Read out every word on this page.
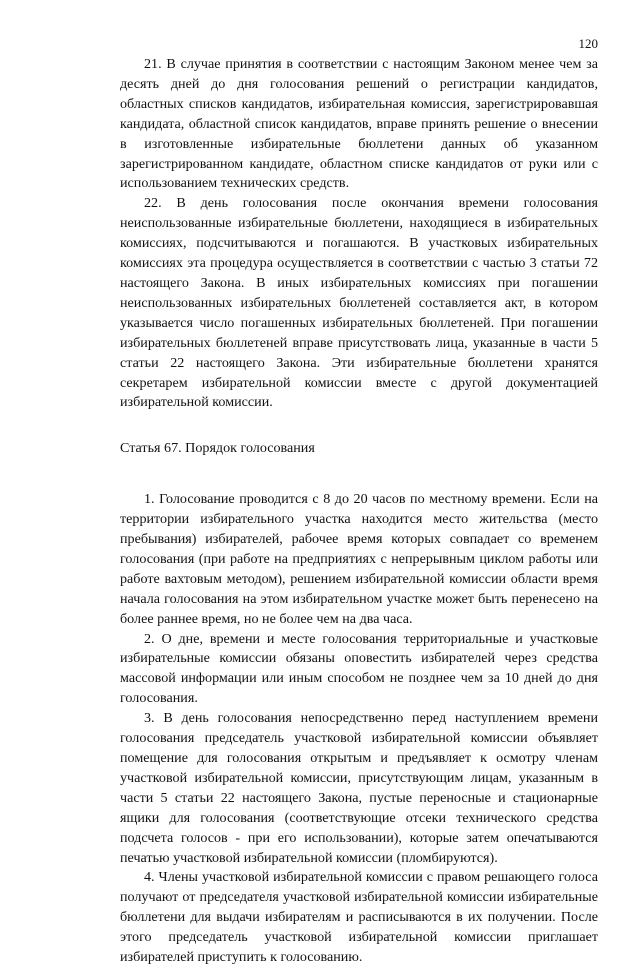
120

21. В случае принятия в соответствии с настоящим Законом менее чем за десять дней до дня голосования решений о регистрации кандидатов, областных списков кандидатов, избирательная комиссия, зарегистрировавшая кандидата, областной список кандидатов, вправе принять решение о внесении в изготовленные избирательные бюллетени данных об указанном зарегистрированном кандидате, областном списке кандидатов от руки или с использованием технических средств.

22. В день голосования после окончания времени голосования неиспользованные избирательные бюллетени, находящиеся в избирательных комиссиях, подсчитываются и погашаются. В участковых избирательных комиссиях эта процедура осуществляется в соответствии с частью 3 статьи 72 настоящего Закона. В иных избирательных комиссиях при погашении неиспользованных избирательных бюллетеней составляется акт, в котором указывается число погашенных избирательных бюллетеней. При погашении избирательных бюллетеней вправе присутствовать лица, указанные в части 5 статьи 22 настоящего Закона. Эти избирательные бюллетени хранятся секретарем избирательной комиссии вместе с другой документацией избирательной комиссии.

Статья 67. Порядок голосования

1. Голосование проводится с 8 до 20 часов по местному времени. Если на территории избирательного участка находится место жительства (место пребывания) избирателей, рабочее время которых совпадает со временем голосования (при работе на предприятиях с непрерывным циклом работы или работе вахтовым методом), решением избирательной комиссии области время начала голосования на этом избирательном участке может быть перенесено на более раннее время, но не более чем на два часа.

2. О дне, времени и месте голосования территориальные и участковые избирательные комиссии обязаны оповестить избирателей через средства массовой информации или иным способом не позднее чем за 10 дней до дня голосования.

3. В день голосования непосредственно перед наступлением времени голосования председатель участковой избирательной комиссии объявляет помещение для голосования открытым и предъявляет к осмотру членам участковой избирательной комиссии, присутствующим лицам, указанным в части 5 статьи 22 настоящего Закона, пустые переносные и стационарные ящики для голосования (соответствующие отсеки технического средства подсчета голосов - при его использовании), которые затем опечатываются печатью участковой избирательной комиссии (пломбируются).

4. Члены участковой избирательной комиссии с правом решающего голоса получают от председателя участковой избирательной комиссии избирательные бюллетени для выдачи избирателям и расписываются в их получении. После этого председатель участковой избирательной комиссии приглашает избирателей приступить к голосованию.
